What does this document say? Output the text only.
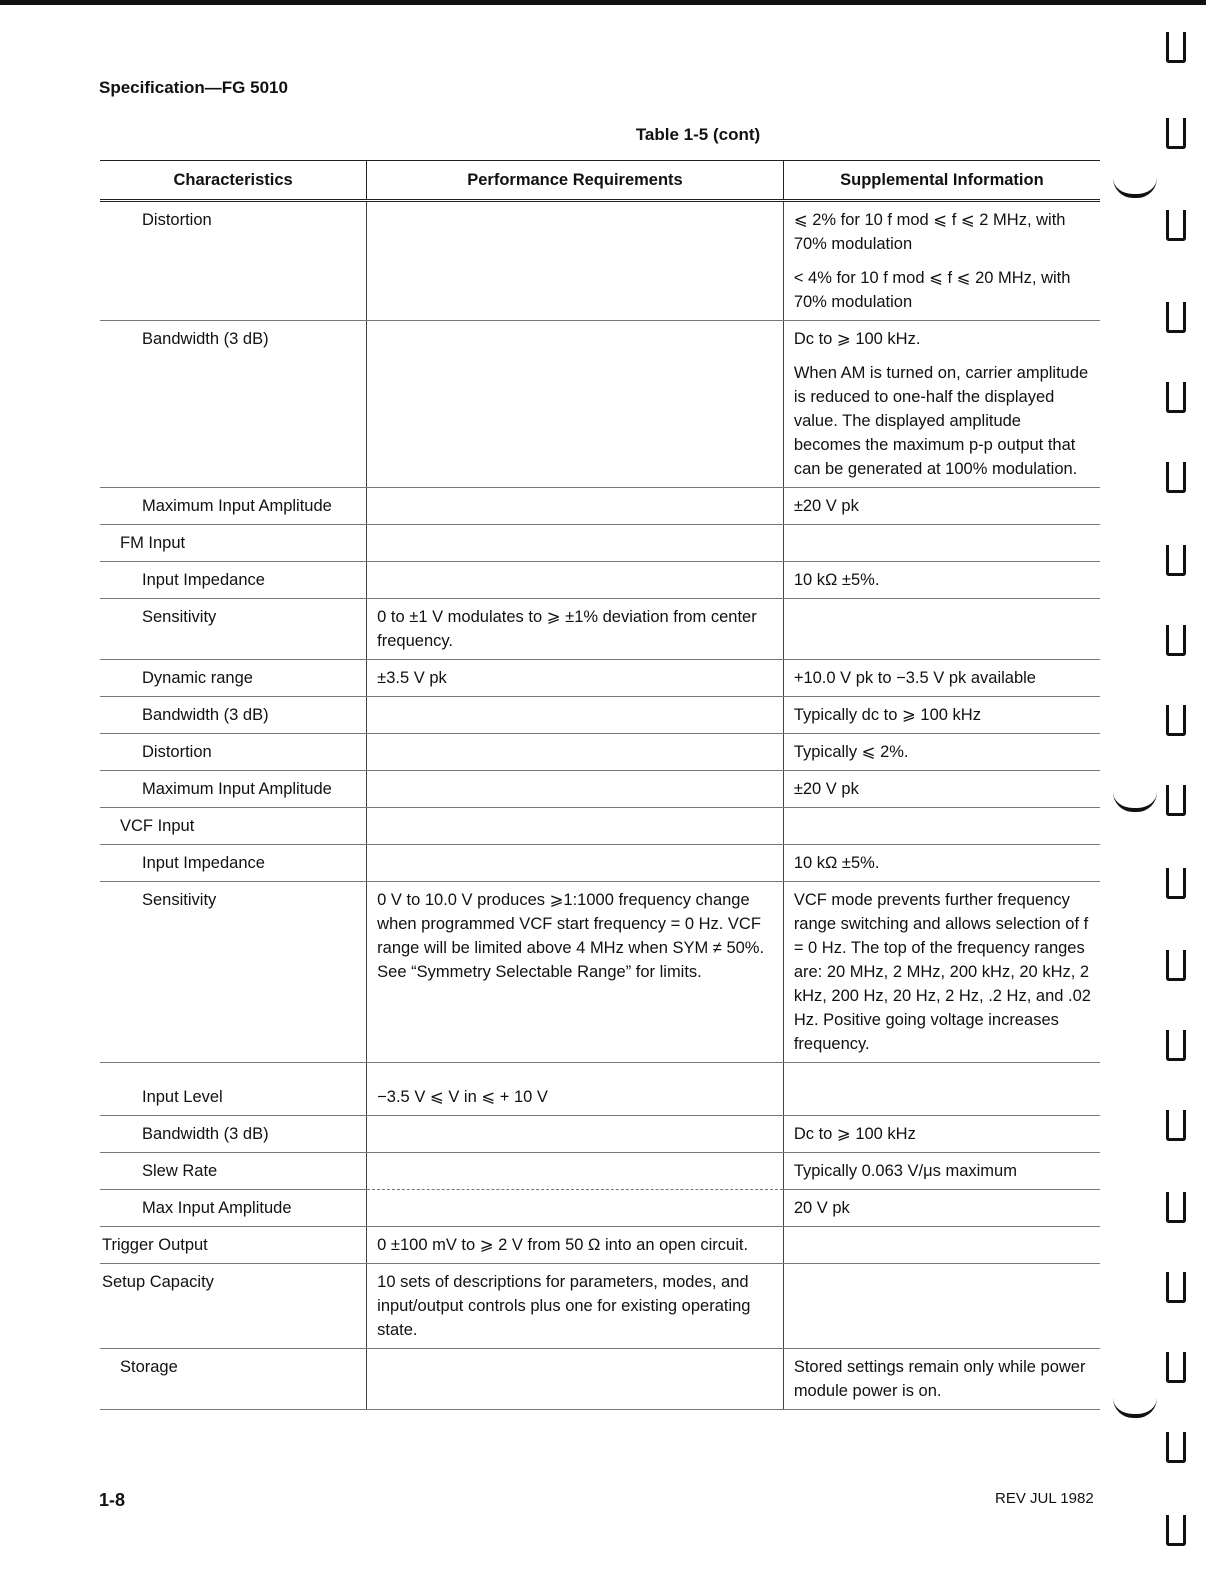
Specification—FG 5010
Table 1-5 (cont)
Characteristics	Performance Requirements	Supplemental Information

Distortion		⩽ 2% for 10 f mod ⩽ f ⩽ 2 MHz, with 70% modulation
< 4% for 10 f mod ⩽ f ⩽ 20 MHz, with 70% modulation

Bandwidth (3 dB)		Dc to ⩾ 100 kHz.
When AM is turned on, carrier amplitude is reduced to one-half the displayed value. The displayed amplitude becomes the maximum p-p output that can be generated at 100% modulation.

Maximum Input Amplitude		±20 V pk

FM Input		

Input Impedance		10 kΩ ±5%.

Sensitivity	0 to ±1 V modulates to ⩾ ±1% deviation from center frequency.	

Dynamic range	±3.5 V pk	+10.0 V pk to −3.5 V pk available

Bandwidth (3 dB)		Typically dc to ⩾ 100 kHz

Distortion		Typically ⩽ 2%.

Maximum Input Amplitude		±20 V pk

VCF Input		

Input Impedance		10 kΩ ±5%.

Sensitivity	0 V to 10.0 V produces ⩾1:1000 frequency change when programmed VCF start frequency = 0 Hz. VCF range will be limited above 4 MHz when SYM ≠ 50%. See “Symmetry Selectable Range” for limits.	VCF mode prevents further frequency range switching and allows selection of f = 0 Hz. The top of the frequency ranges are: 20 MHz, 2 MHz, 200 kHz, 20 kHz, 2 kHz, 200 Hz, 20 Hz, 2 Hz, .2 Hz, and .02 Hz. Positive going voltage increases frequency.

Input Level	−3.5 V ⩽ V in ⩽ + 10 V	

Bandwidth (3 dB)		Dc to ⩾ 100 kHz

Slew Rate		Typically 0.063 V/μs maximum

Max Input Amplitude		20 V pk

Trigger Output	0 ±100 mV to ⩾ 2 V from 50 Ω into an open circuit.	

Setup Capacity	10 sets of descriptions for parameters, modes, and input/output controls plus one for existing operating state.	

Storage		Stored settings remain only while power module power is on.
1-8	REV JUL 1982
